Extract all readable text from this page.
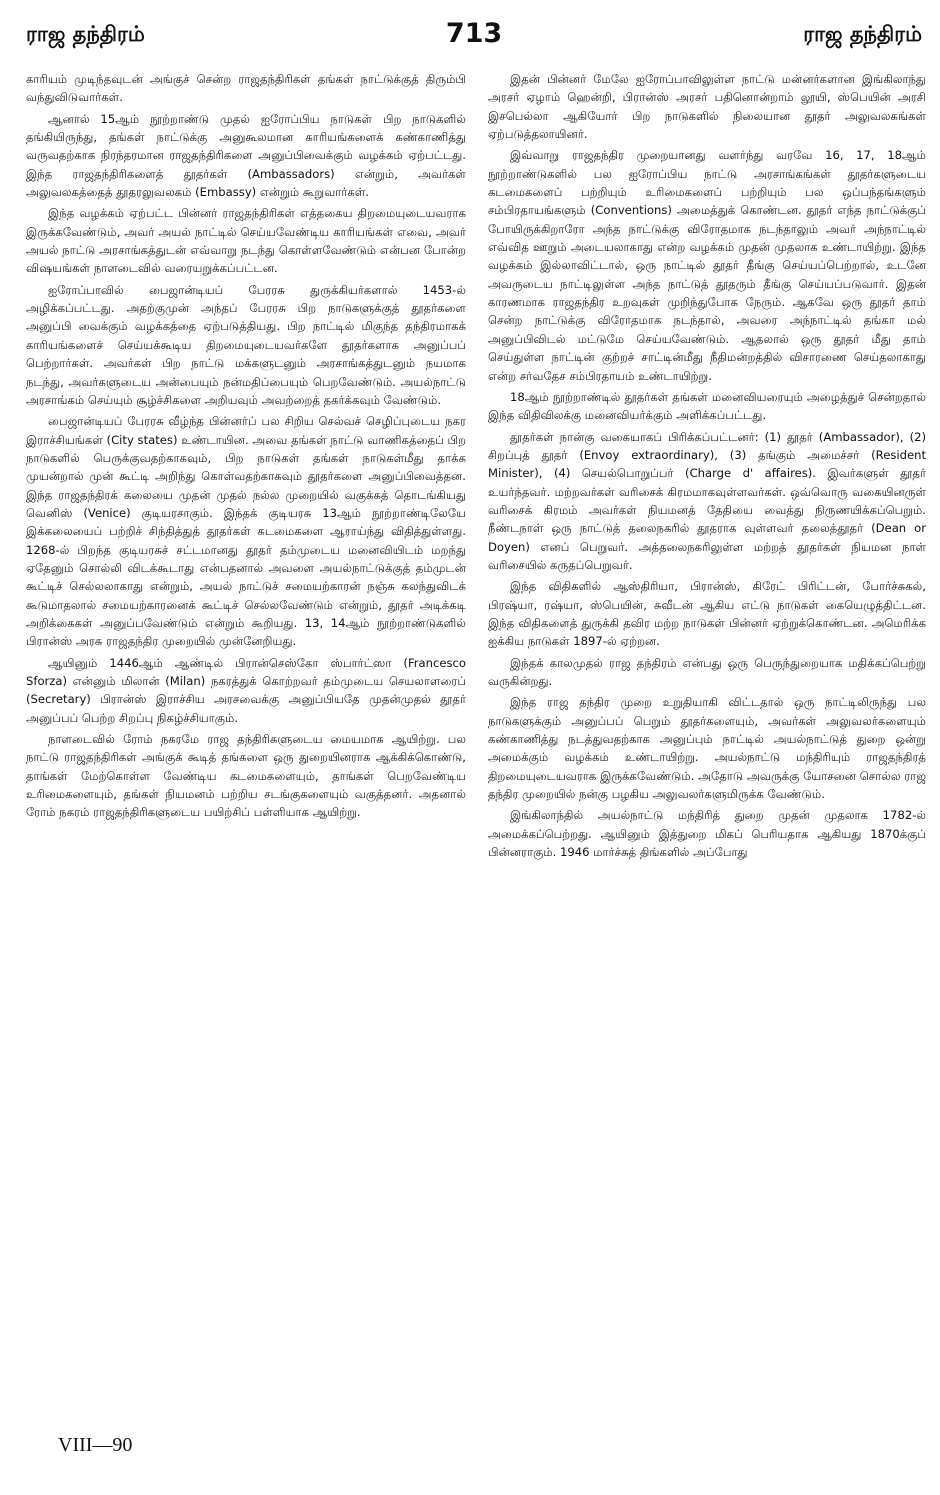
ராஜ தந்திரம்	713	ராஜ தந்திரம்

காரியம் முடிந்தவுடன் அங்குச் சென்ற ராஜதந்திரிகள் தங்கள் நாட்டுக்குத் திரும்பி வந்துவிடுவார்கள்.

ஆனால் 15ஆம் நூற்றாண்டு முதல் ஐரோப்பிய நாடுகள் பிற நாடுகளில் தங்கியிருந்து, தங்கள் நாட்டுக்கு அனுகூலமான காரியங்களைக் கண்காணித்து வருவதற்காக நிரந்தரமான ராஜதந்திரிகளை அனுப்பிவைக்கும் வழக்கம் ஏற்பட்டது. இந்த ராஜதந்திரிகளைத் தூதர்கள் (Ambassadors) என்றும், அவர்கள் அலுவலகத்தைத் தூதரலுவலகம் (Embassy) என்றும் கூறுவார்கள்.

இந்த வழக்கம் ஏற்பட்ட பின்னர் ராஜதந்திரிகள் எத்தகைய திறமையுடையவராக இருக்கவேண்டும், அவர் அயல் நாட்டில் செய்யவேண்டிய காரியங்கள் எவை, அவர் அயல் நாட்டு அரசாங்கத்துடன் எவ்வாறு நடந்து கொள்ளவேண்டும் என்பன போன்ற விஷயங்கள் நாளடைவில் வரையறுக்கப்பட்டன.

ஐரோப்பாவில் பைஜான்டியப் பேரரசு துருக்கியர்களால் 1453-ல் அழிக்கப்பட்டது. அதற்குமுன் அந்தப் பேரரசு பிற நாடுகளுக்குத் தூதர்களை அனுப்பி வைக்கும் வழக்கத்தை ஏற்படுத்தியது. பிற நாட்டில் மிகுந்த தந்திரமாகக் காரியங்களைச் செய்யக்கூடிய திறமையுடையவர்களே தூதர்களாக அனுப்பப் பெற்றார்கள். அவர்கள் பிற நாட்டு மக்களுடனும் அரசாங்கத்துடனும் நயமாக நடந்து, அவர்களுடைய அன்பையும் நன்மதிப்பையும் பெறவேண்டும். அயல்நாட்டு அரசாங்கம் செய்யும் சூழ்ச்சிகளை அறியவும் அவற்றைத் தகர்க்கவும் வேண்டும்.

பைஜான்டியப் பேரரசு வீழ்ந்த பின்னர்ப் பல சிறிய செல்வச் செழிப்புடைய நகர இராச்சியங்கள் (City states) உண்டாயின. அவை தங்கள் நாட்டு வாணிகத்தைப் பிற நாடுகளில் பெருக்குவதற்காகவும், பிற நாடுகள் தங்கள் நாடுகள்மீது தாக்க முயன்றால் முன் கூட்டி அறிந்து கொள்வதற்காகவும் தூதர்களை அனுப்பிவைத்தன. இந்த ராஜதந்திரக் கலையை முதன் முதல் நல்ல முறையில் வகுக்கத் தொடங்கியது வெனிஸ் (Venice) குடியரசாகும். இந்தக் குடியரசு 13ஆம் நூற்றாண்டிலேயே இக்கலையைப் பற்றிச் சிந்தித்துத் தூதர்கள் கடமைகளை ஆராய்ந்து விதித்துள்ளது. 1268-ல் பிறந்த குடியரசுச் சட்டமானது தூதர் தம்முடைய மனைவியிடம் மறந்து ஏதேனும் சொல்லி விடக்கூடாது என்பதனால் அவளை அயல்நாட்டுக்குத் தம்முடன் கூட்டிச் செல்லலாகாது என்றும், அயல் நாட்டுச் சமையற்காரன் நஞ்சு கலந்துவிடக் கூடுமாதலால் சமையற்காரனைக் கூட்டிச் செல்லவேண்டும் என்றும், தூதர் அடிக்கடி அறிக்கைகள் அனுப்பவேண்டும் என்றும் கூறியது. 13, 14ஆம் நூற்றாண்டுகளில் பிரான்ஸ் அரசு ராஜதந்திர முறையில் முன்னேறியது.

ஆயினும் 1446ஆம் ஆண்டில் பிரான்செஸ்கோ ஸ்பார்ட்ஸா (Francesco Sforza) என்னும் மிலான் (Milan) நகரத்துக் கொற்றவர் தம்முடைய செயலாளரைப் (Secretary) பிரான்ஸ் இராச்சிய அரசவைக்கு அனுப்பியதே முதன்முதல் தூதர் அனுப்பப் பெற்ற சிறப்பு நிகழ்ச்சியாகும்.

நாளடைவில் ரோம் நகரமே ராஜ தந்திரிகளுடைய மையமாக ஆயிற்று. பல நாட்டு ராஜதந்திரிகள் அங்குக் கூடித் தங்களை ஒரு துறையினராக ஆக்கிக்கொண்டு, தாங்கள் மேற்கொள்ள வேண்டிய கடமைகளையும், தாங்கள் பெறவேண்டிய உரிமைகளையும், தங்கள் நியமனம் பற்றிய சடங்குகளையும் வகுத்தனர். அதனால் ரோம் நகரம் ராஜதந்திரிகளுடைய பயிற்சிப் பள்ளியாக ஆயிற்று.

இதன் பின்னர் மேலே ஐரோப்பாவிலுள்ள நாட்டு மன்னர்களான இங்கிலாந்து அரசர் ஏழாம் ஹென்றி, பிரான்ஸ் அரசர் பதினொன்றாம் லூயி, ஸ்பெயின் அரசி இசபெல்லா ஆகியோர் பிற நாடுகளில் நிலையான தூதர் அலுவலகங்கள் ஏற்படுத்தலாயினர்.

இவ்வாறு ராஜதந்திர முறையானது வளர்ந்து வரவே 16, 17, 18ஆம் நூற்றாண்டுகளில் பல ஐரோப்பிய நாட்டு அரசாங்கங்கள் தூதர்களுடைய கடமைகளைப் பற்றியும் உரிமைகளைப் பற்றியும் பல ஒப்பந்தங்களும் சம்பிரதாயங்களும் (Conventions) அமைத்துக் கொண்டன. தூதர் எந்த நாட்டுக்குப் போயிருக்கிறாரோ அந்த நாட்டுக்கு விரோதமாக நடந்தாலும் அவர் அந்நாட்டில் எவ்வித ஊறும் அடையலாகாது என்ற வழக்கம் முதன் முதலாக உண்டாயிற்று. இந்த வழக்கம் இல்லாவிட்டால், ஒரு நாட்டில் தூதர் தீங்கு செய்யப்பெற்றால், உடனே அவருடைய நாட்டிலுள்ள அந்த நாட்டுத் தூதரும் தீங்கு செய்யப்படுவார். இதன் காரணமாக ராஜதந்திர உறவுகள் முறிந்துபோக நேரும். ஆகவே ஒரு தூதர் தாம் சென்ற நாட்டுக்கு விரோதமாக நடந்தால், அவரை அந்நாட்டில் தங்கா மல் அனுப்பிவிடல் மட்டுமே செய்யவேண்டும். ஆதலால் ஒரு தூதர் மீது தாம் செய்துள்ள நாட்டின் குற்றச் சாட்டின்மீது நீதிமன்றத்தில் விசாரணை செய்தலாகாது என்ற சர்வதேச சம்பிரதாயம் உண்டாயிற்று.

18ஆம் நூற்றாண்டில் தூதர்கள் தங்கள் மனைவியரையும் அழைத்துச் சென்றதால் இந்த விதிவிலக்கு மனைவியர்க்கும் அளிக்கப்பட்டது.

தூதர்கள் நான்கு வகையாகப் பிரிக்கப்பட்டனர்: (1) தூதர் (Ambassador), (2) சிறப்புத் தூதர் (Envoy extraordinary), (3) தங்கும் அமைச்சர் (Resident Minister), (4) செயல்பொறுப்பர் (Charge d' affaires). இவர்களுள் தூதர் உயர்ந்தவர். மற்றவர்கள் வரிசைக் கிரமமாகவுள்ளவர்கள். ஒவ்வொரு வகையினருள் வரிசைக் கிரமம் அவர்கள் நியமனத் தேதியை வைத்து நிருணயிக்கப்பெறும். நீண்டநாள் ஒரு நாட்டுத் தலைநகரில் தூதராக வுள்ளவர் தலைத்தூதர் (Dean or Doyen) எனப் பெறுவர். அத்தலைநகரிலுள்ள மற்றத் தூதர்கள் நியமன நாள் வரிசையில் கருதப்பெறுவர்.

இந்த விதிகளில் ஆஸ்திரியா, பிரான்ஸ், கிரேட் பிரிட்டன், போர்ச்சுகல், பிரஷ்யா, ரஷ்யா, ஸ்பெயின், சுவீடன் ஆகிய எட்டு நாடுகள் கையெழுத்திட்டன. இந்த விதிகளைத் துருக்கி தவிர மற்ற நாடுகள் பின்னர் ஏற்றுக்கொண்டன. அமெரிக்க ஐக்கிய நாடுகள் 1897-ல் ஏற்றன.

இந்தக் காலமுதல் ராஜ தந்திரம் என்பது ஒரு பெருந்துறையாக மதிக்கப்பெற்று வருகின்றது.

இந்த ராஜ தந்திர முறை உறுதியாகி விட்டதால் ஒரு நாட்டிலிருந்து பல நாடுகளுக்கும் அனுப்பப் பெறும் தூதர்களையும், அவர்கள் அலுவலர்களையும் கண்காணித்து நடத்துவதற்காக அனுப்பும் நாட்டில் அயல்நாட்டுத் துறை ஒன்று அமைக்கும் வழக்கம் உண்டாயிற்று. அயல்நாட்டு மந்திரியும் ராஜதந்திரத் திறமையுடையவராக இருக்கவேண்டும். அதோடு அவருக்கு யோசனை சொல்ல ராஜ தந்திர முறையில் நன்கு பழகிய அலுவலர்களுமிருக்க வேண்டும்.

இங்கிலாந்தில் அயல்நாட்டு மந்திரித் துறை முதன் முதலாக 1782-ல் அமைக்கப்பெற்றது. ஆயினும் இத்துறை மிகப் பெரியதாக ஆகியது 1870க்குப் பின்னராகும். 1946 மார்ச்சுத் திங்களில் அப்போது

VIII—90
